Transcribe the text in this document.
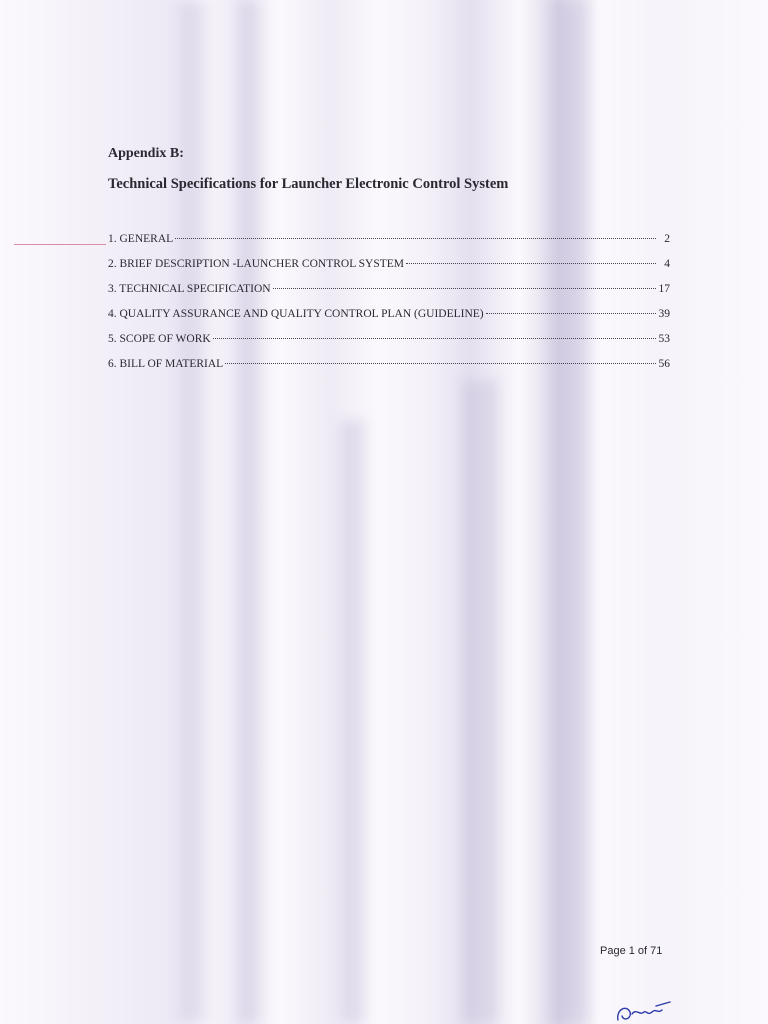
Appendix B:
Technical Specifications for Launcher Electronic Control System
1. GENERAL	2
2. BRIEF DESCRIPTION -LAUNCHER CONTROL SYSTEM	4
3. TECHNICAL SPECIFICATION	17
4. QUALITY ASSURANCE AND QUALITY CONTROL PLAN (GUIDELINE)	39
5. SCOPE OF WORK	53
6. BILL OF MATERIAL	56
Page 1 of 71
